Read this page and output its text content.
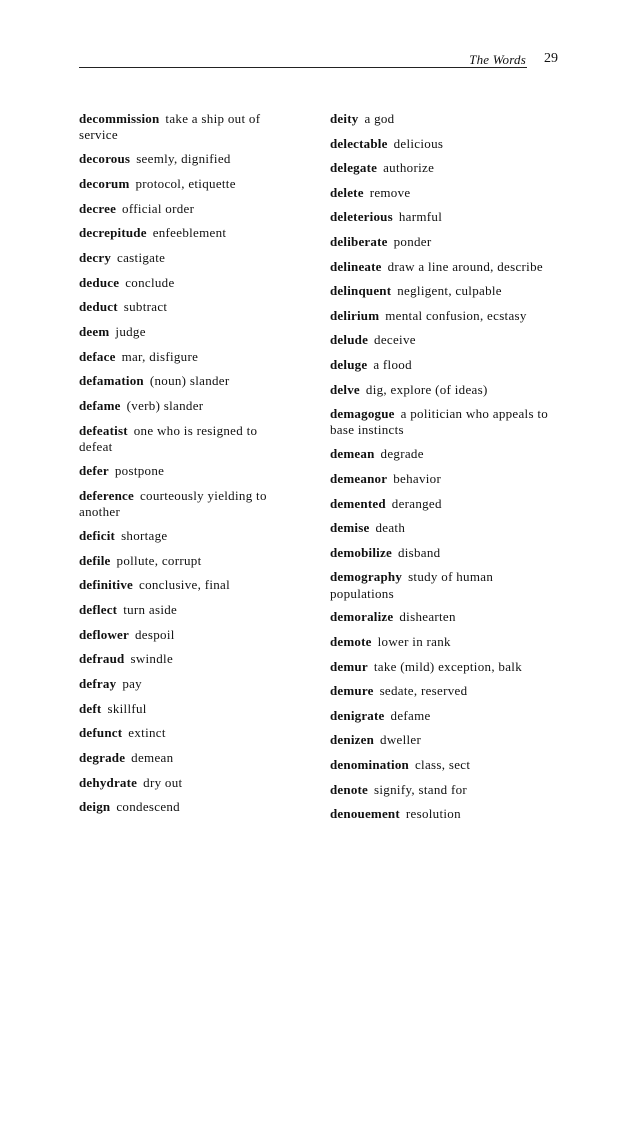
The Words 29
decommission take a ship out of service
decorous seemly, dignified
decorum protocol, etiquette
decree official order
decrepitude enfeeblement
decry castigate
deduce conclude
deduct subtract
deem judge
deface mar, disfigure
defamation (noun) slander
defame (verb) slander
defeatist one who is resigned to defeat
defer postpone
deference courteously yielding to another
deficit shortage
defile pollute, corrupt
definitive conclusive, final
deflect turn aside
deflower despoil
defraud swindle
defray pay
deft skillful
defunct extinct
degrade demean
dehydrate dry out
deign condescend
deity a god
delectable delicious
delegate authorize
delete remove
deleterious harmful
deliberate ponder
delineate draw a line around, describe
delinquent negligent, culpable
delirium mental confusion, ecstasy
delude deceive
deluge a flood
delve dig, explore (of ideas)
demagogue a politician who appeals to base instincts
demean degrade
demeanor behavior
demented deranged
demise death
demobilize disband
demography study of human populations
demoralize dishearten
demote lower in rank
demur take (mild) exception, balk
demure sedate, reserved
denigrate defame
denizen dweller
denomination class, sect
denote signify, stand for
denouement resolution
